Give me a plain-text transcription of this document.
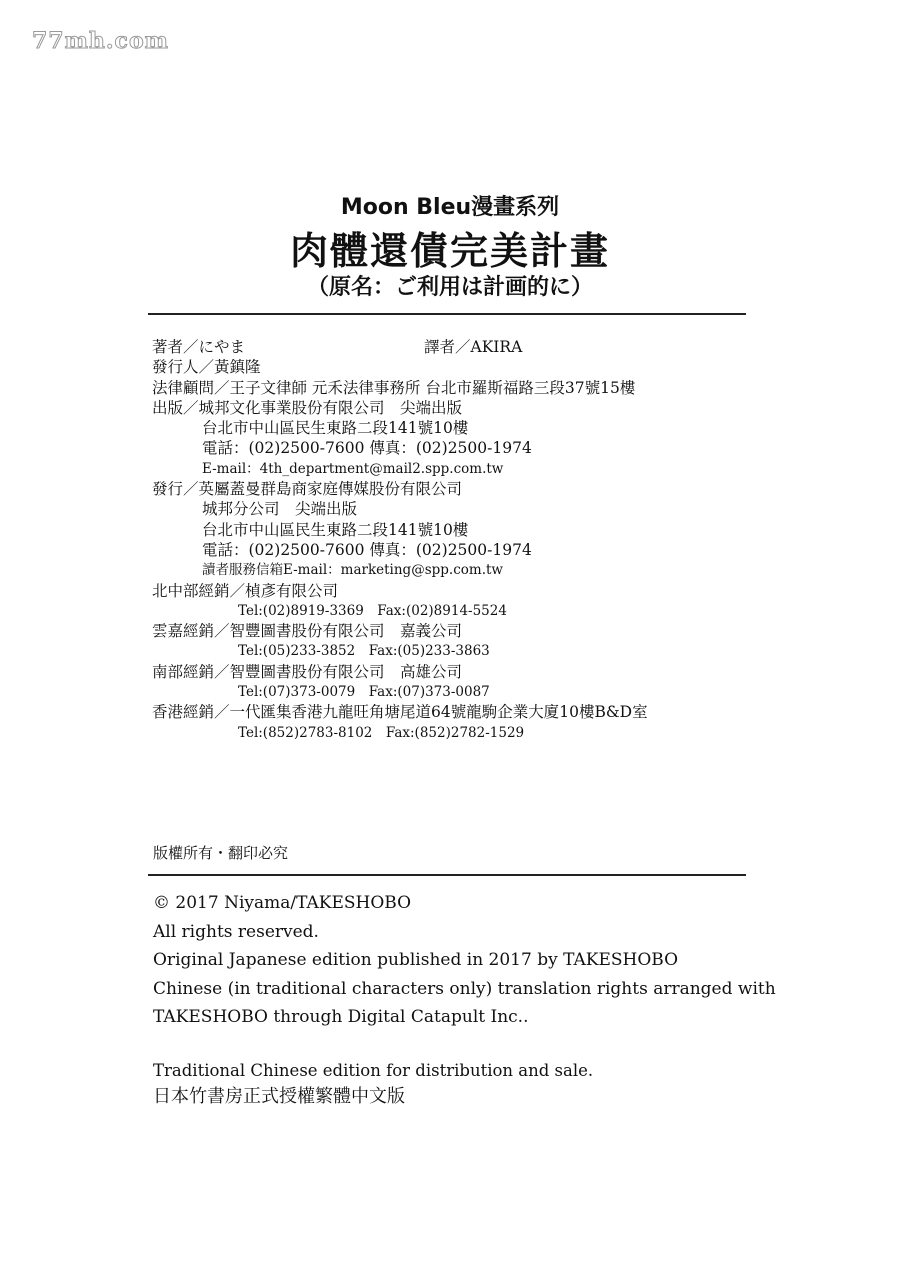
77mh.com
Moon Bleu漫畫系列
肉體還債完美計畫
（原名：ご利用は計画的に）
著者／にやま	譯者／AKIRA
發行人／黃鎮隆
法律顧問／王子文律師 元禾法律事務所 台北市羅斯福路三段37號15樓
出版／城邦文化事業股份有限公司　尖端出版
台北市中山區民生東路二段141號10樓
電話：(02)2500-7600 傳真：(02)2500-1974
E-mail：4th_department@mail2.spp.com.tw
發行／英屬蓋曼群島商家庭傳媒股份有限公司
城邦分公司　尖端出版
台北市中山區民生東路二段141號10樓
電話：(02)2500-7600 傳真：(02)2500-1974
讀者服務信箱E-mail：marketing@spp.com.tw
北中部經銷／楨彥有限公司
Tel:(02)8919-3369　Fax:(02)8914-5524
雲嘉經銷／智豐圖書股份有限公司　嘉義公司
Tel:(05)233-3852　Fax:(05)233-3863
南部經銷／智豐圖書股份有限公司　高雄公司
Tel:(07)373-0079　Fax:(07)373-0087
香港經銷／一代匯集香港九龍旺角塘尾道64號龍駒企業大廈10樓B&D室
Tel:(852)2783-8102　Fax:(852)2782-1529
版權所有・翻印必究
© 2017 Niyama/TAKESHOBO
All rights reserved.
Original Japanese edition published in 2017 by TAKESHOBO
Chinese (in traditional characters only) translation rights arranged with
TAKESHOBO through Digital Catapult Inc..
Traditional Chinese edition for distribution and sale.
日本竹書房正式授權繁體中文版
